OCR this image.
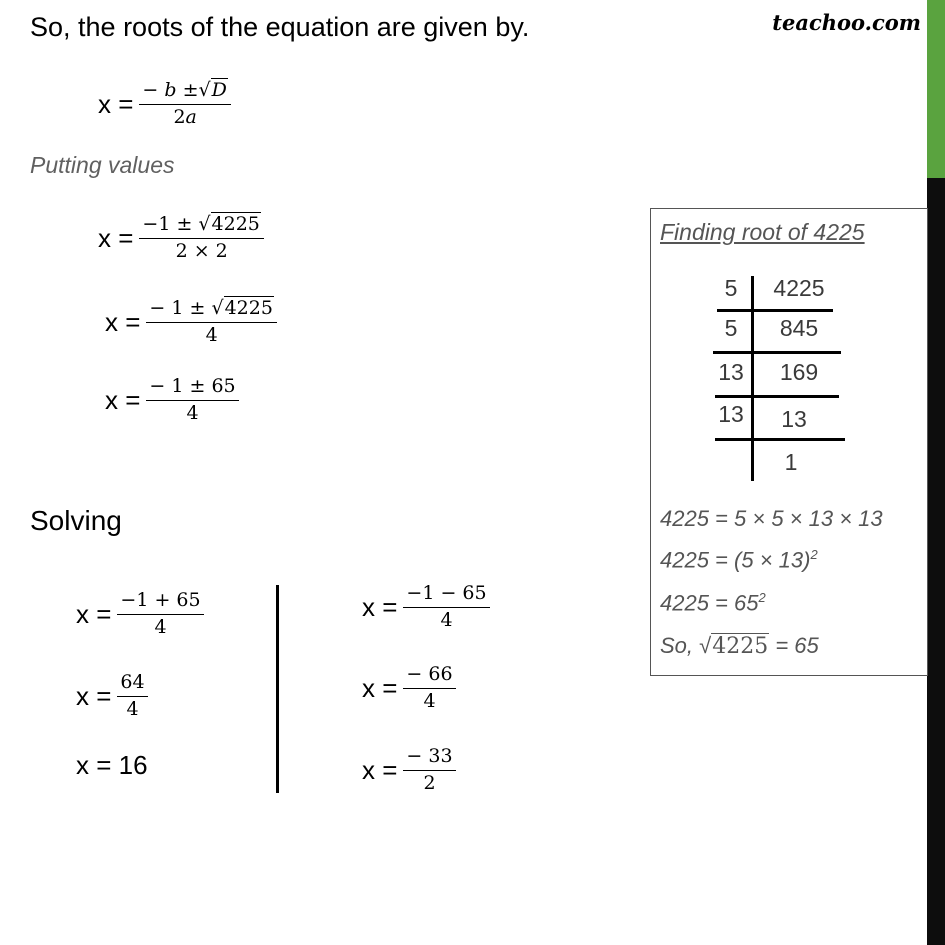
So, the roots of the equation are given by.	teachoo.com
$x = \frac{- b \pm√D}{2a}$
Putting values
$x = \frac{-1 \pm √4225}{2 \times 2}$
$x = \frac{- 1 \pm √4225}{4}$
$x = \frac{- 1 \pm 65}{4}$
Solving
$x = \frac{-1 + 65}{4}$
$x = \frac{64}{4}$
x = 16
$x = \frac{-1 - 65}{4}$
$x = \frac{- 66}{4}$
$x = \frac{- 33}{2}$
Finding root of 4225
5
5
13
13
4225
845
169
13
1
4225 = 5 × 5 × 13 × 13
$4225 = (5 \times 13)^2$
$4225 = 65^2$
So, √4225 = 65
